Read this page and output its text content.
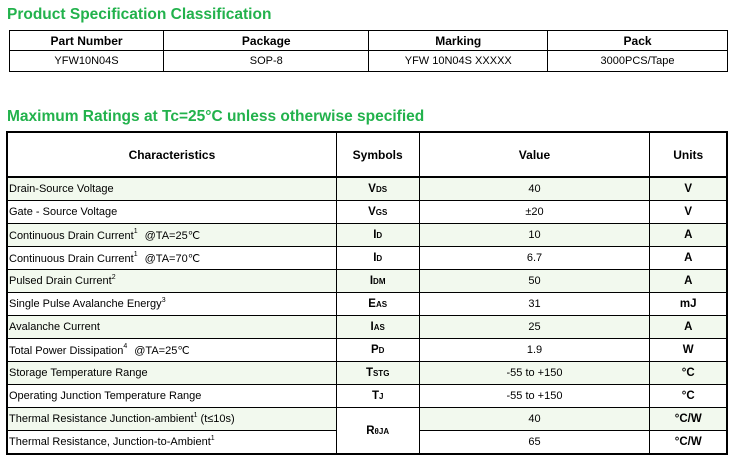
Product Specification Classification
Part Number	Package	Marking	Pack
YFW10N04S	SOP-8	YFW 10N04S XXXXX	3000PCS/Tape
Maximum Ratings at Tc=25°C unless otherwise specified
Characteristics	Symbols	Value	Units
Drain-Source Voltage	VDS	40	V
Gate - Source Voltage	VGS	±20	V
Continuous Drain Current$^1$ @TA=25℃	ID	10	A
Continuous Drain Current$^1$ @TA=70℃	ID	6.7	A
Pulsed Drain Current$^2$	IDM	50	A
Single Pulse Avalanche Energy$^3$	EAS	31	mJ
Avalanche Current	IAS	25	A
Total Power Dissipation$^4$ @TA=25℃	PD	1.9	W
Storage Temperature Range	TSTG	-55 to +150	°C
Operating Junction Temperature Range	TJ	-55 to +150	°C
Thermal Resistance Junction-ambient$^1$ (t≤10s)	RθJA	40	°C/W
Thermal Resistance, Junction-to-Ambient$^1$		65	°C/W
